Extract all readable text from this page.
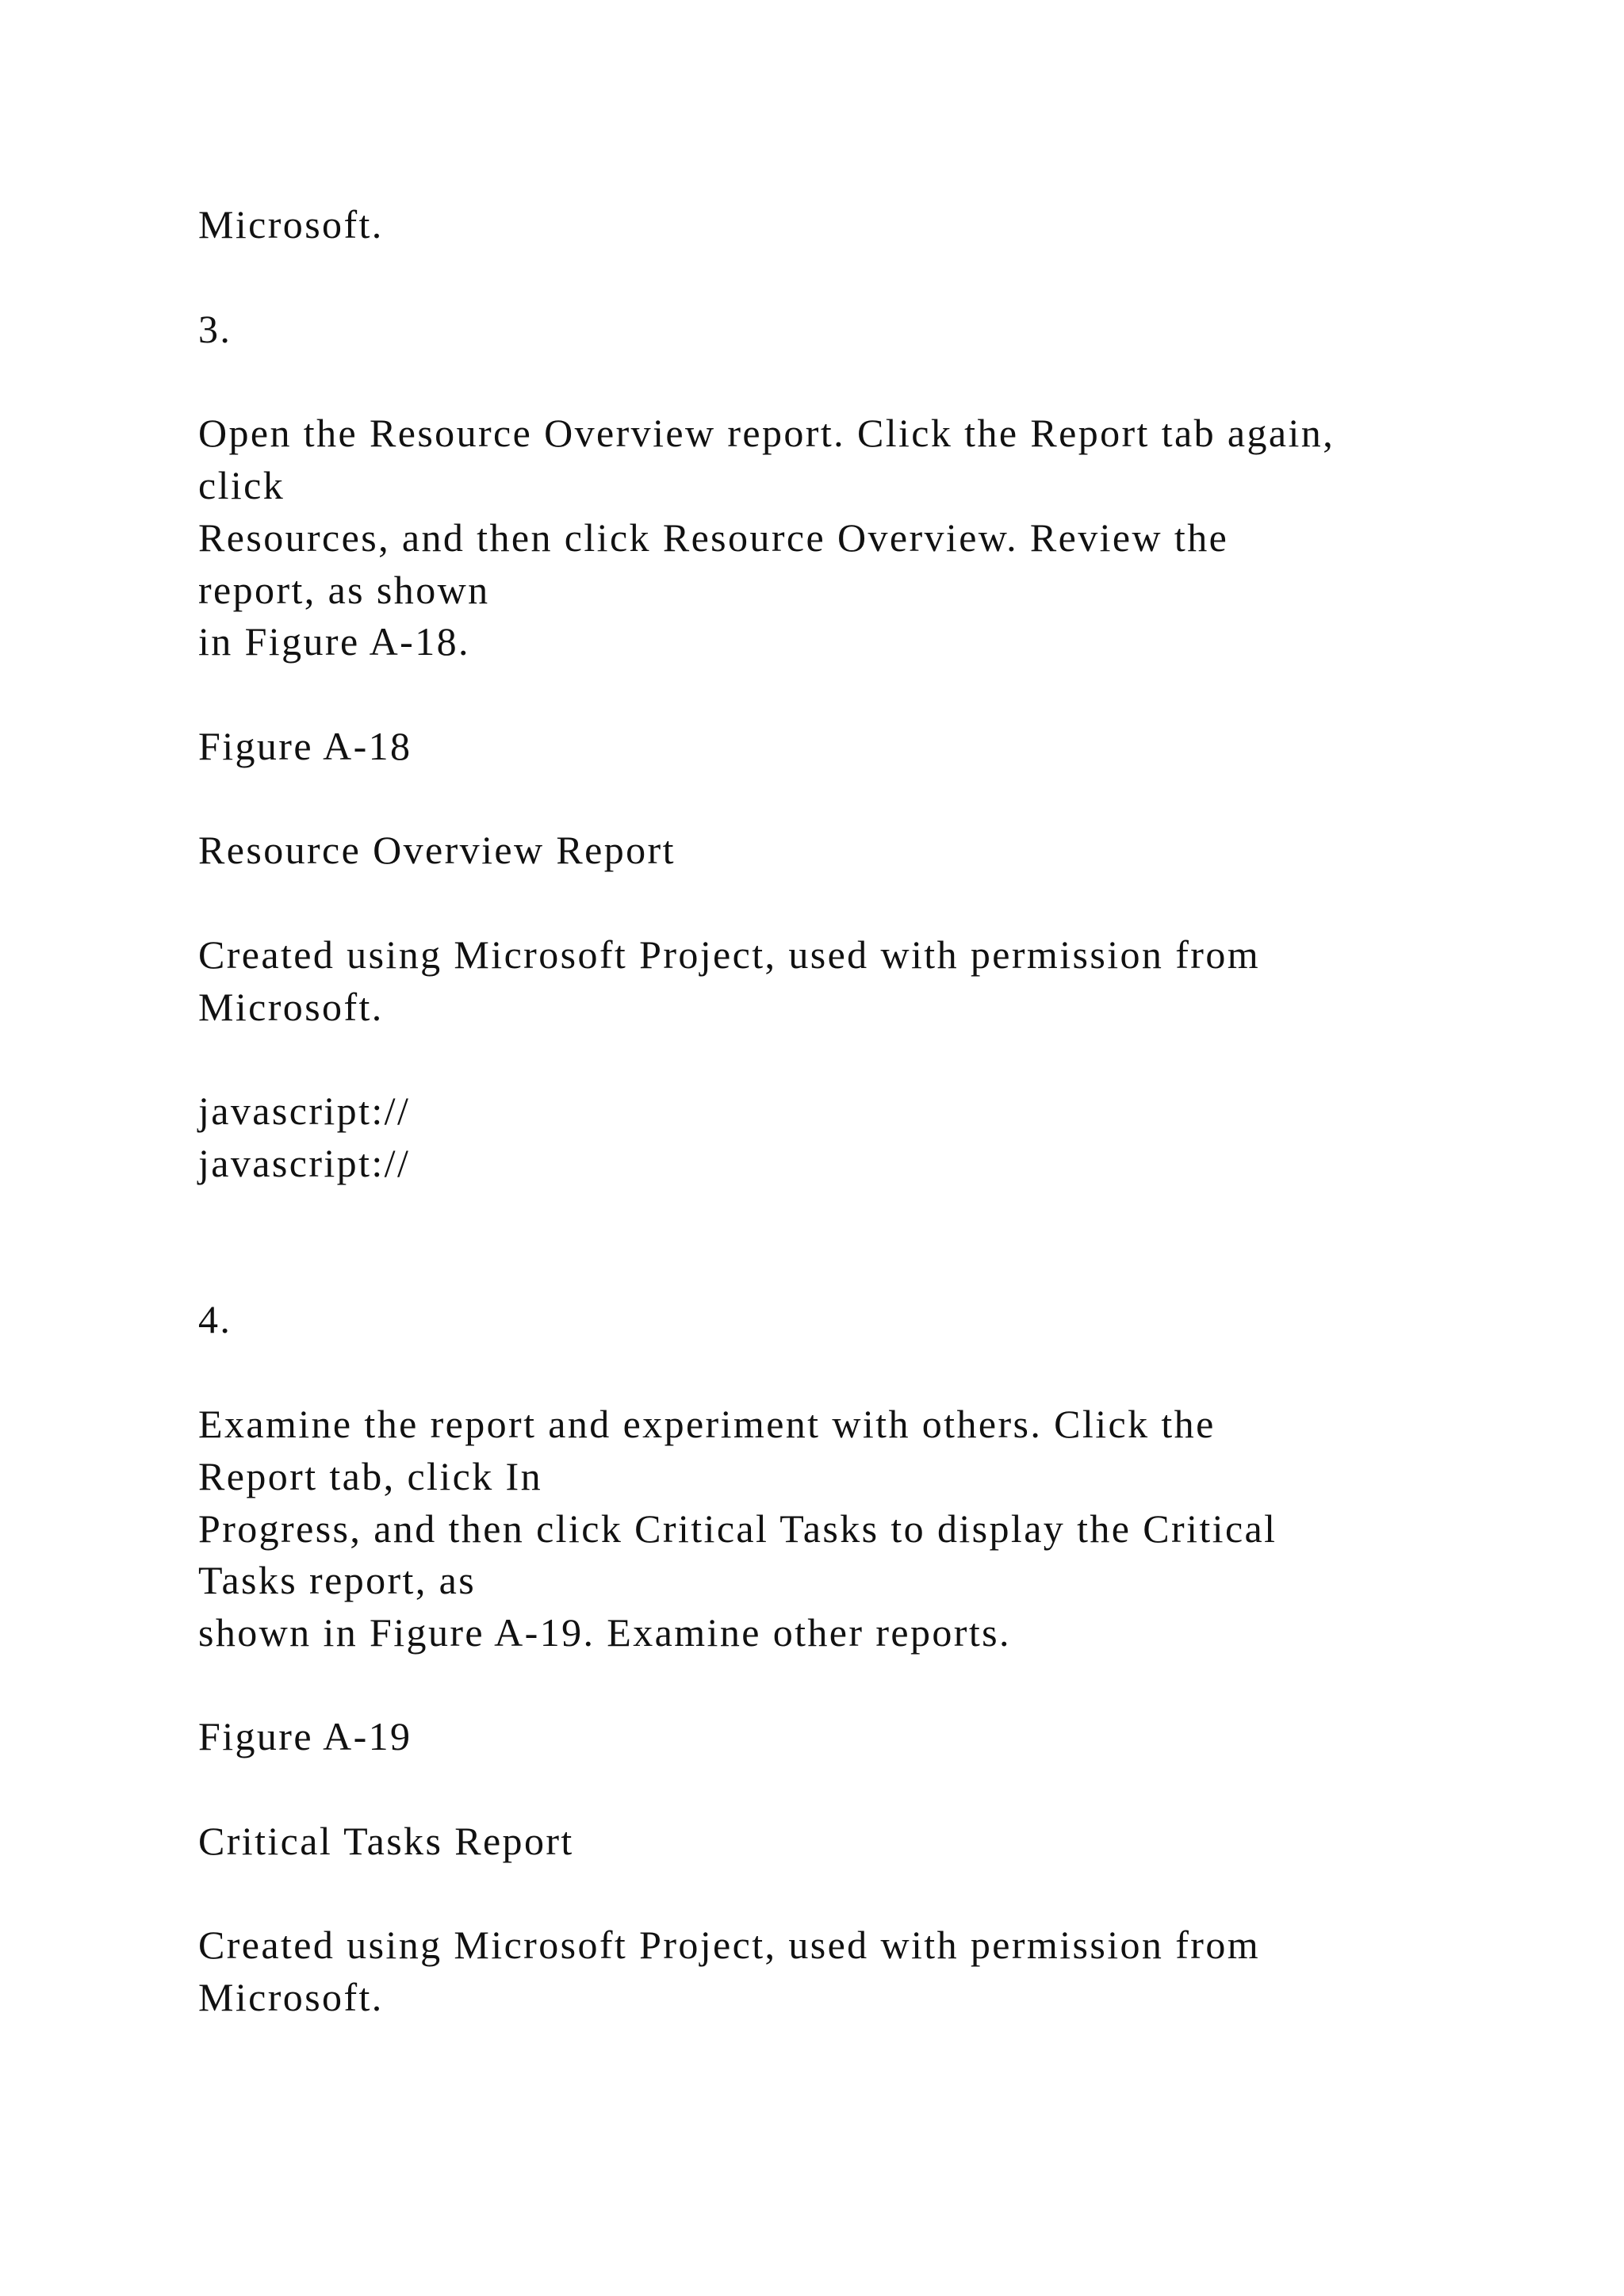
Microsoft.

3.

Open the Resource Overview report. Click the Report tab again,

click

Resources, and then click Resource Overview. Review the

report, as shown

in Figure A-18.

Figure A-18

Resource Overview Report

Created using Microsoft Project, used with permission from

Microsoft.

javascript://

javascript://

4.

Examine the report and experiment with others. Click the

Report tab, click In

Progress, and then click Critical Tasks to display the Critical

Tasks report, as

shown in Figure A-19. Examine other reports.

Figure A-19

Critical Tasks Report

Created using Microsoft Project, used with permission from

Microsoft.
